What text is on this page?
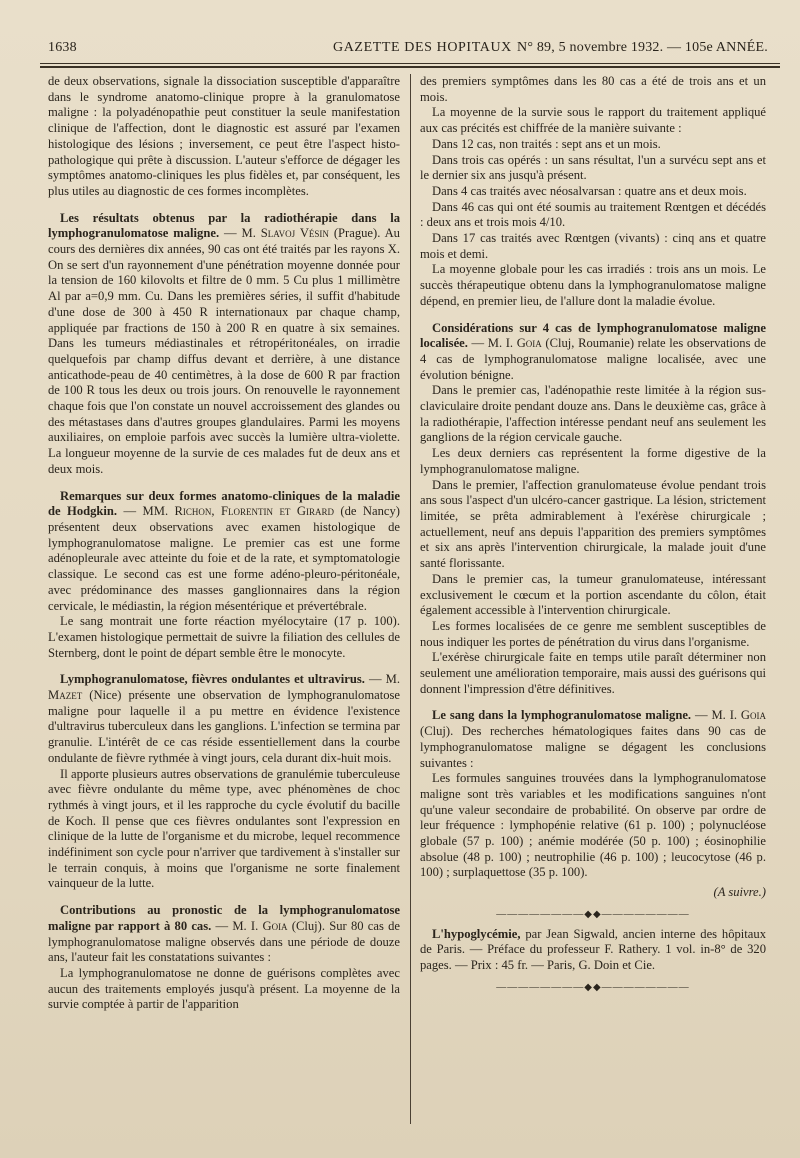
1638	GAZETTE DES HOPITAUX N° 89, 5 novembre 1932. — 105e ANNÉE.

de deux observations, signale la dissociation susceptible d'apparaître dans le syndrome anatomo-clinique propre à la granulomatose maligne : la polyadénopathie peut constituer la seule manifestation clinique de l'affection, dont le diagnostic est assuré par l'examen histologique des lésions ; inversement, ce peut être l'aspect histo-pathologique qui prête à discussion. L'auteur s'efforce de dégager les symptômes anatomo-cliniques les plus fidèles et, par conséquent, les plus utiles au diagnostic de ces formes incomplètes.

Les résultats obtenus par la radiothérapie dans la lymphogranulomatose maligne. — M. Slavoj Vésin (Prague). Au cours des dernières dix années, 90 cas ont été traités par les rayons X. On se sert d'un rayonnement d'une pénétration moyenne donnée pour la tension de 160 kilovolts et filtre de 0 mm. 5 Cu plus 1 millimètre Al par a=0,9 mm. Cu. Dans les premières séries, il suffit d'habitude d'une dose de 300 à 450 R internationaux par chaque champ, appliquée par fractions de 150 à 200 R en quatre à six semaines. Dans les tumeurs médiastinales et rétropéritonéales, on irradie quelquefois par champ diffus devant et derrière, à une distance anticathode-peau de 40 centimètres, à la dose de 600 R par fraction de 100 R tous les deux ou trois jours. On renouvelle le rayonnement chaque fois que l'on constate un nouvel accroissement des glandes ou des métastases dans d'autres groupes glandulaires. Parmi les moyens auxiliaires, on emploie parfois avec succès la lumière ultra-violette. La longueur moyenne de la survie de ces malades fut de deux ans et deux mois.

Remarques sur deux formes anatomo-cliniques de la maladie de Hodgkin. — MM. Richon, Florentin et Girard (de Nancy) présentent deux observations avec examen histologique de lymphogranulomatose maligne. Le premier cas est une forme adénopleurale avec atteinte du foie et de la rate, et symptomatologie classique. Le second cas est une forme adéno-pleuro-péritonéale, avec prédominance des masses ganglionnaires dans la région cervicale, le médiastin, la région mésentérique et prévertébrale.

Le sang montrait une forte réaction myélocytaire (17 p. 100). L'examen histologique permettait de suivre la filiation des cellules de Sternberg, dont le point de départ semble être le monocyte.

Lymphogranulomatose, fièvres ondulantes et ultravirus. — M. Mazet (Nice) présente une observation de lymphogranulomatose maligne pour laquelle il a pu mettre en évidence l'existence d'ultravirus tuberculeux dans les ganglions. L'infection se termina par granulie. L'intérêt de ce cas réside essentiellement dans la courbe ondulante de fièvre rythmée à vingt jours, cela durant dix-huit mois.

Il apporte plusieurs autres observations de granulémie tuberculeuse avec fièvre ondulante du même type, avec phénomènes de choc rythmés à vingt jours, et il les rapproche du cycle évolutif du bacille de Koch. Il pense que ces fièvres ondulantes sont l'expression en clinique de la lutte de l'organisme et du microbe, lequel recommence indéfiniment son cycle pour n'arriver que tardivement à s'installer sur le terrain conquis, à moins que l'organisme ne sorte finalement vainqueur de la lutte.

Contributions au pronostic de la lymphogranulomatose maligne par rapport à 80 cas. — M. I. Goia (Cluj). Sur 80 cas de lymphogranulomatose maligne observés dans une période de douze ans, l'auteur fait les constatations suivantes :

La lymphogranulomatose ne donne de guérisons complètes avec aucun des traitements employés jusqu'à présent. La moyenne de la survie comptée à partir de l'apparition

des premiers symptômes dans les 80 cas a été de trois ans et un mois.

La moyenne de la survie sous le rapport du traitement appliqué aux cas précités est chiffrée de la manière suivante :

Dans 12 cas, non traités : sept ans et un mois.

Dans trois cas opérés : un sans résultat, l'un a survécu sept ans et le dernier six ans jusqu'à présent.

Dans 4 cas traités avec néosalvarsan : quatre ans et deux mois.

Dans 46 cas qui ont été soumis au traitement Rœntgen et décédés : deux ans et trois mois 4/10.

Dans 17 cas traités avec Rœntgen (vivants) : cinq ans et quatre mois et demi.

La moyenne globale pour les cas irradiés : trois ans un mois. Le succès thérapeutique obtenu dans la lymphogranulomatose maligne dépend, en premier lieu, de l'allure dont la maladie évolue.

Considérations sur 4 cas de lymphogranulomatose maligne localisée. — M. I. Goia (Cluj, Roumanie) relate les observations de 4 cas de lymphogranulomatose maligne localisée, avec une évolution bénigne.

Dans le premier cas, l'adénopathie reste limitée à la région sus-claviculaire droite pendant douze ans. Dans le deuxième cas, grâce à la radiothérapie, l'affection intéresse pendant neuf ans seulement les ganglions de la région cervicale gauche.

Les deux derniers cas représentent la forme digestive de la lymphogranulomatose maligne.

Dans le premier, l'affection granulomateuse évolue pendant trois ans sous l'aspect d'un ulcéro-cancer gastrique. La lésion, strictement limitée, se prêta admirablement à l'exérèse chirurgicale ; actuellement, neuf ans depuis l'apparition des premiers symptômes et six ans après l'intervention chirurgicale, la malade jouit d'une santé florissante.

Dans le premier cas, la tumeur granulomateuse, intéressant exclusivement le cœcum et la portion ascendante du côlon, était également accessible à l'intervention chirurgicale.

Les formes localisées de ce genre me semblent susceptibles de nous indiquer les portes de pénétration du virus dans l'organisme.

L'exérèse chirurgicale faite en temps utile paraît déterminer non seulement une amélioration temporaire, mais aussi des guérisons qui donnent l'impression d'être définitives.

Le sang dans la lymphogranulomatose maligne. — M. I. Goia (Cluj). Des recherches hématologiques faites dans 90 cas de lymphogranulomatose maligne se dégagent les conclusions suivantes :

Les formules sanguines trouvées dans la lymphogranulomatose maligne sont très variables et les modifications sanguines n'ont qu'une valeur secondaire de probabilité. On observe par ordre de leur fréquence : lymphopénie relative (61 p. 100) ; polynucléose globale (57 p. 100) ; anémie modérée (50 p. 100) ; éosinophilie absolue (48 p. 100) ; neutrophilie (46 p. 100) ; leucocytose (46 p. 100) ; surplaquettose (35 p. 100).

(A suivre.)

————————◆◆————————

L'hypoglycémie, par Jean Sigwald, ancien interne des hôpitaux de Paris. — Préface du professeur F. Rathery. 1 vol. in-8° de 320 pages. — Prix : 45 fr. — Paris, G. Doin et Cie.

————————◆◆————————
